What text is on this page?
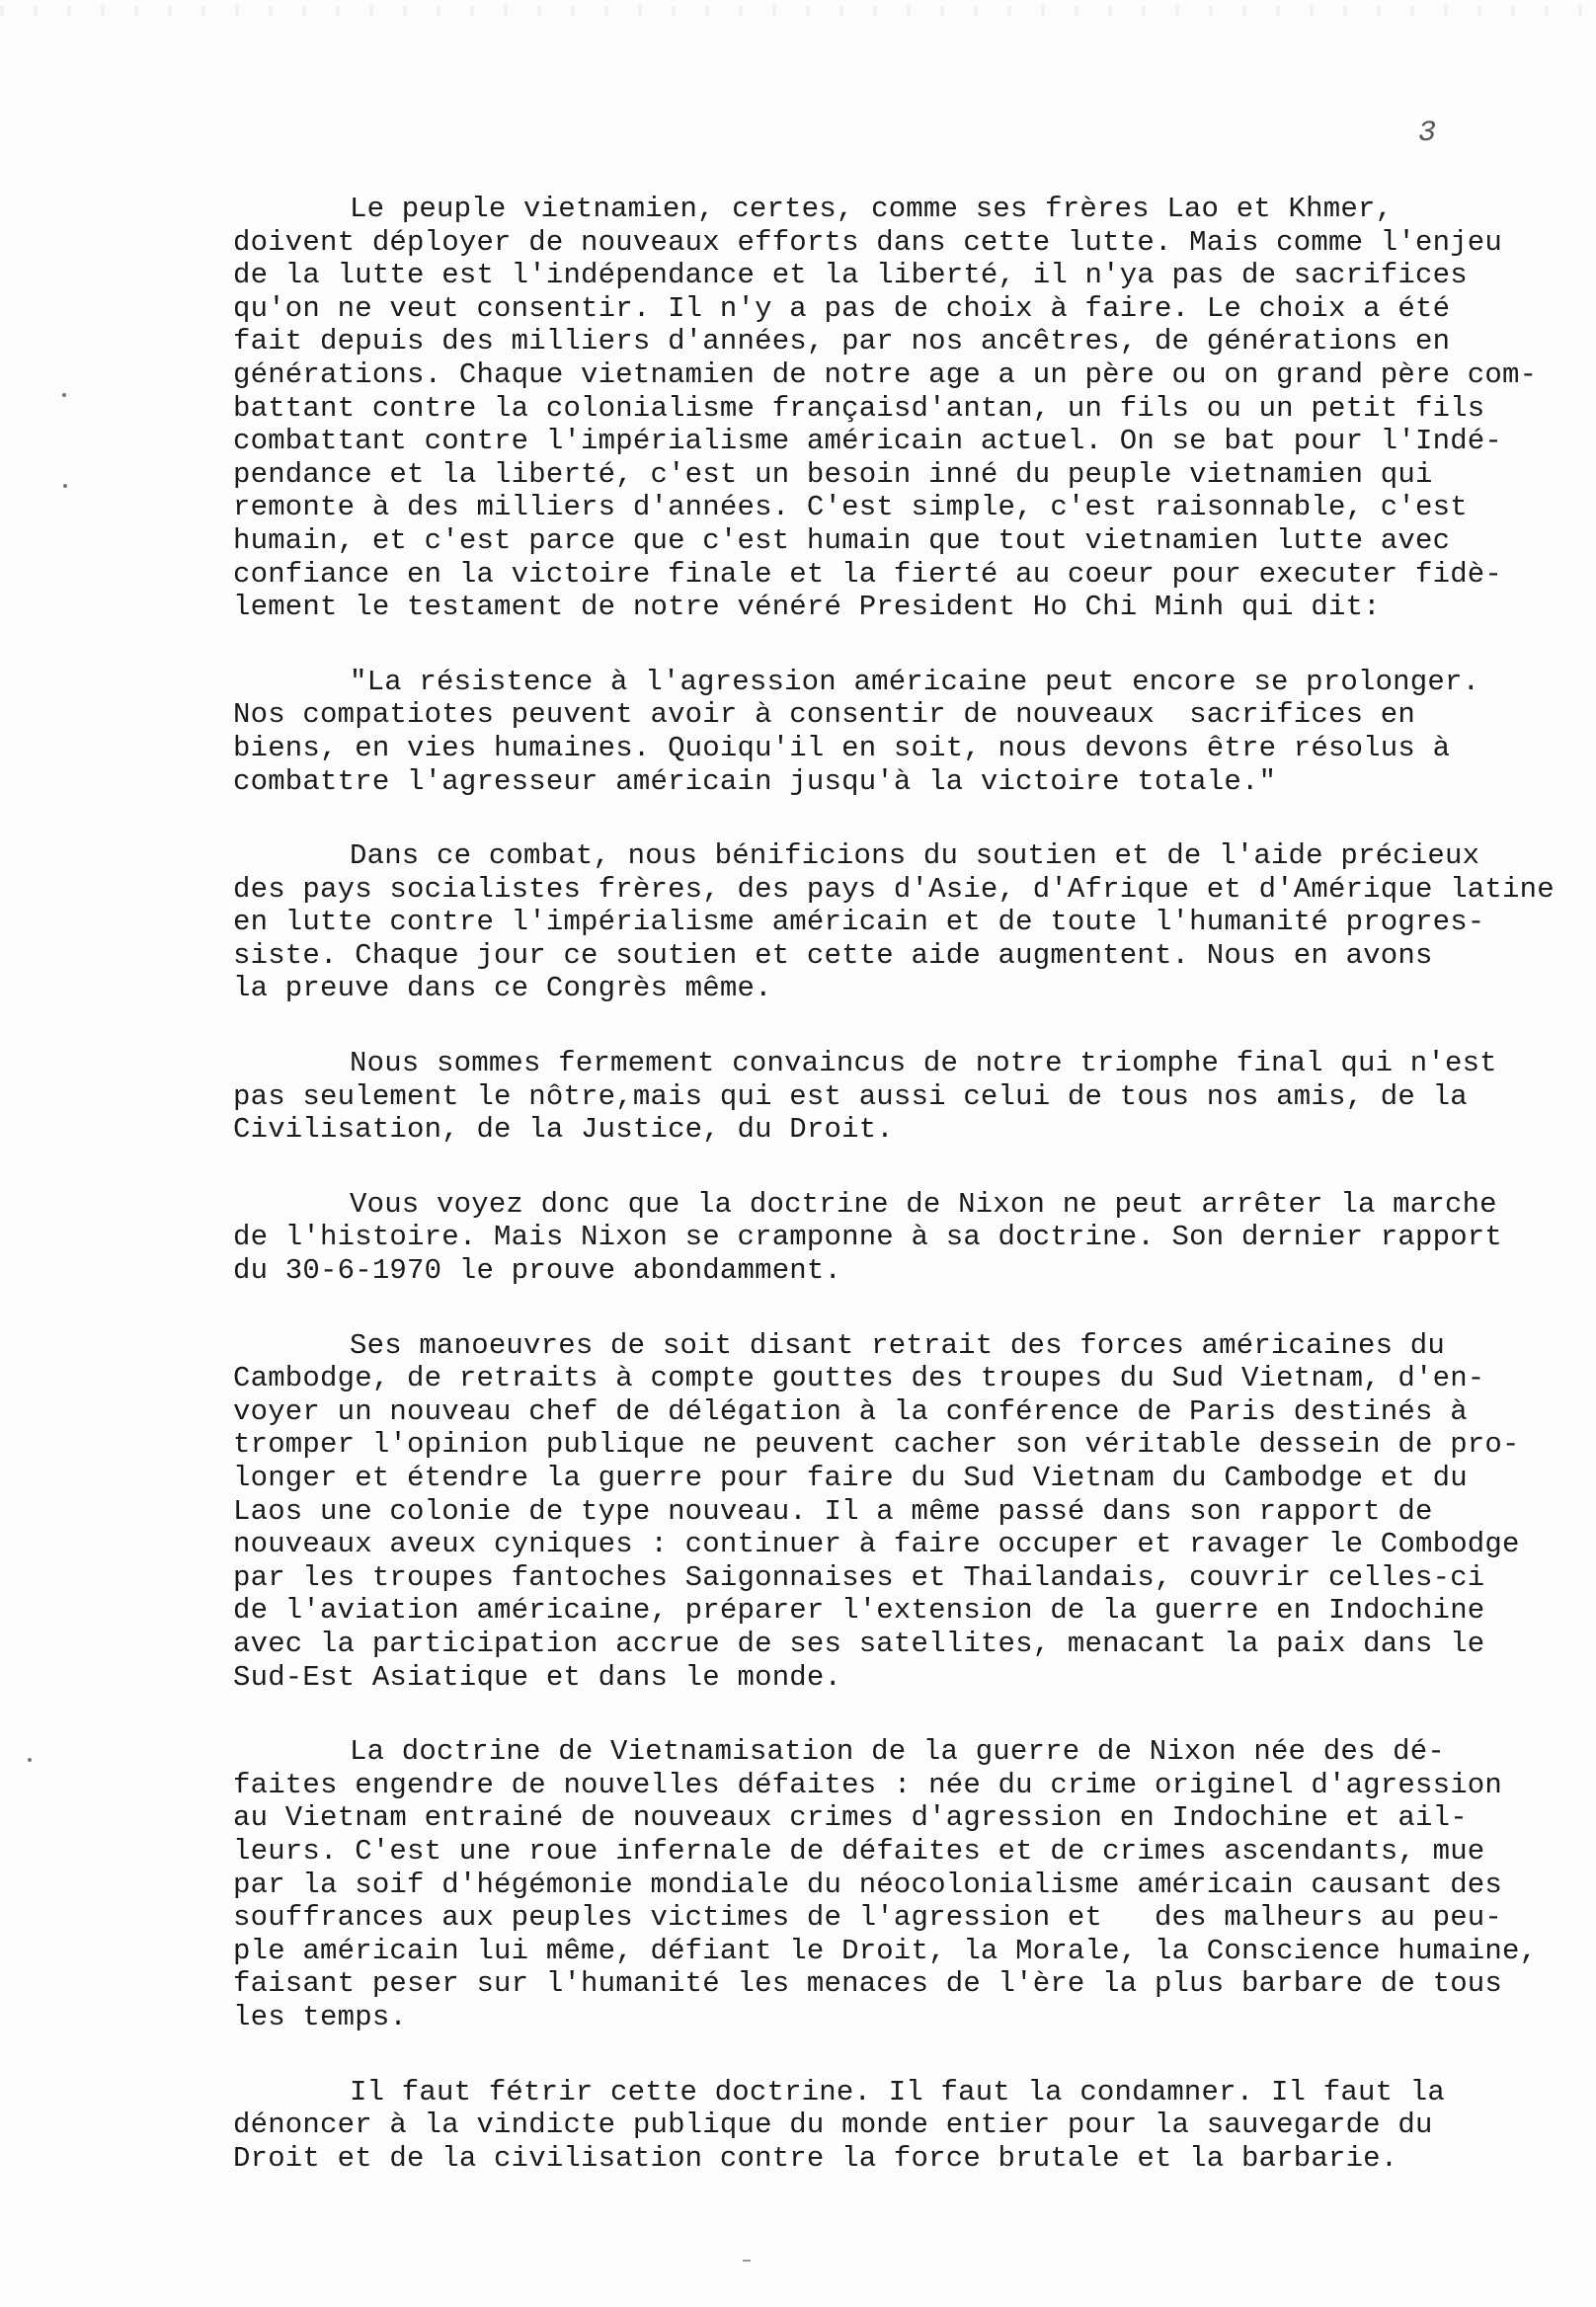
3

Le peuple vietnamien, certes, comme ses frères Lao et Khmer,
doivent déployer de nouveaux efforts dans cette lutte. Mais comme l'enjeu
de la lutte est l'indépendance et la liberté, il n'ya pas de sacrifices
qu'on ne veut consentir. Il n'y a pas de choix à faire. Le choix a été
fait depuis des milliers d'années, par nos ancêtres, de générations en
générations. Chaque vietnamien de notre age a un père ou on grand père com-
battant contre la colonialisme françaisd'antan, un fils ou un petit fils
combattant contre l'impérialisme américain actuel. On se bat pour l'Indé-
pendance et la liberté, c'est un besoin inné du peuple vietnamien qui
remonte à des milliers d'années. C'est simple, c'est raisonnable, c'est
humain, et c'est parce que c'est humain que tout vietnamien lutte avec
confiance en la victoire finale et la fierté au coeur pour executer fidè-
lement le testament de notre vénéré President Ho Chi Minh qui dit:

"La résistence à l'agression américaine peut encore se prolonger.
Nos compatiotes peuvent avoir à consentir de nouveaux  sacrifices en
biens, en vies humaines. Quoiqu'il en soit, nous devons être résolus à
combattre l'agresseur américain jusqu'à la victoire totale."

Dans ce combat, nous bénificions du soutien et de l'aide précieux
des pays socialistes frères, des pays d'Asie, d'Afrique et d'Amérique latine
en lutte contre l'impérialisme américain et de toute l'humanité progres-
siste. Chaque jour ce soutien et cette aide augmentent. Nous en avons
la preuve dans ce Congrès même.

Nous sommes fermement convaincus de notre triomphe final qui n'est
pas seulement le nôtre,mais qui est aussi celui de tous nos amis, de la
Civilisation, de la Justice, du Droit.

Vous voyez donc que la doctrine de Nixon ne peut arrêter la marche
de l'histoire. Mais Nixon se cramponne à sa doctrine. Son dernier rapport
du 30-6-1970 le prouve abondamment.

Ses manoeuvres de soit disant retrait des forces américaines du
Cambodge, de retraits à compte gouttes des troupes du Sud Vietnam, d'en-
voyer un nouveau chef de délégation à la conférence de Paris destinés à
tromper l'opinion publique ne peuvent cacher son véritable dessein de pro-
longer et étendre la guerre pour faire du Sud Vietnam du Cambodge et du
Laos une colonie de type nouveau. Il a même passé dans son rapport de
nouveaux aveux cyniques : continuer à faire occuper et ravager le Combodge
par les troupes fantoches Saigonnaises et Thailandais, couvrir celles-ci
de l'aviation américaine, préparer l'extension de la guerre en Indochine
avec la participation accrue de ses satellites, menacant la paix dans le
Sud-Est Asiatique et dans le monde.

La doctrine de Vietnamisation de la guerre de Nixon née des dé-
faites engendre de nouvelles défaites : née du crime originel d'agression
au Vietnam entrainé de nouveaux crimes d'agression en Indochine et ail-
leurs. C'est une roue infernale de défaites et de crimes ascendants, mue
par la soif d'hégémonie mondiale du néocolonialisme américain causant des
souffrances aux peuples victimes de l'agression et   des malheurs au peu-
ple américain lui même, défiant le Droit, la Morale, la Conscience humaine,
faisant peser sur l'humanité les menaces de l'ère la plus barbare de tous
les temps.

Il faut fétrir cette doctrine. Il faut la condamner. Il faut la
dénoncer à la vindicte publique du monde entier pour la sauvegarde du
Droit et de la civilisation contre la force brutale et la barbarie.
